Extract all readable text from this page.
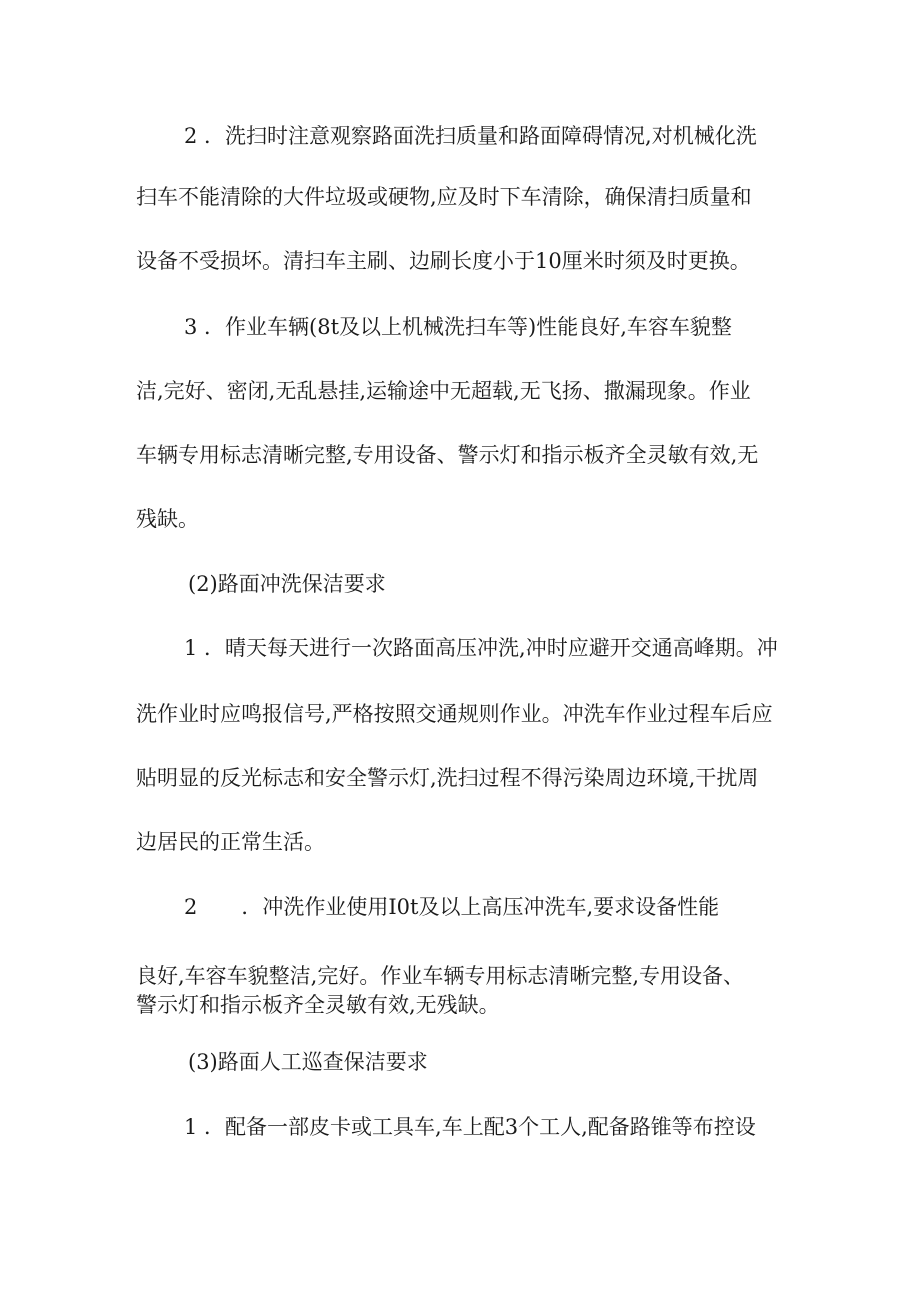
2 ．洗扫时注意观察路面洗扫质量和路面障碍情况,对机械化洗
扫车不能清除的大件垃圾或硬物,应及时下车清除，确保清扫质量和
设备不受损坏。清扫车主刷、边刷长度小于10厘米时须及时更换。
3 ．作业车辆(8t及以上机械洗扫车等)性能良好,车容车貌整
洁,完好、密闭,无乱悬挂,运输途中无超载,无飞扬、撒漏现象。作业
车辆专用标志清晰完整,专用设备、警示灯和指示板齐全灵敏有效,无
残缺。
(2)路面冲洗保洁要求
1 ．晴天每天进行一次路面高压冲洗,冲时应避开交通高峰期。冲
洗作业时应鸣报信号,严格按照交通规则作业。冲洗车作业过程车后应
贴明显的反光标志和安全警示灯,洗扫过程不得污染周边环境,干扰周
边居民的正常生活。
2 ．冲洗作业使用I0t及以上高压冲洗车,要求设备性能
良好,车容车貌整洁,完好。作业车辆专用标志清晰完整,专用设备、
警示灯和指示板齐全灵敏有效,无残缺。
(3)路面人工巡查保洁要求
1 ．配备一部皮卡或工具车,车上配3个工人,配备路锥等布控设
